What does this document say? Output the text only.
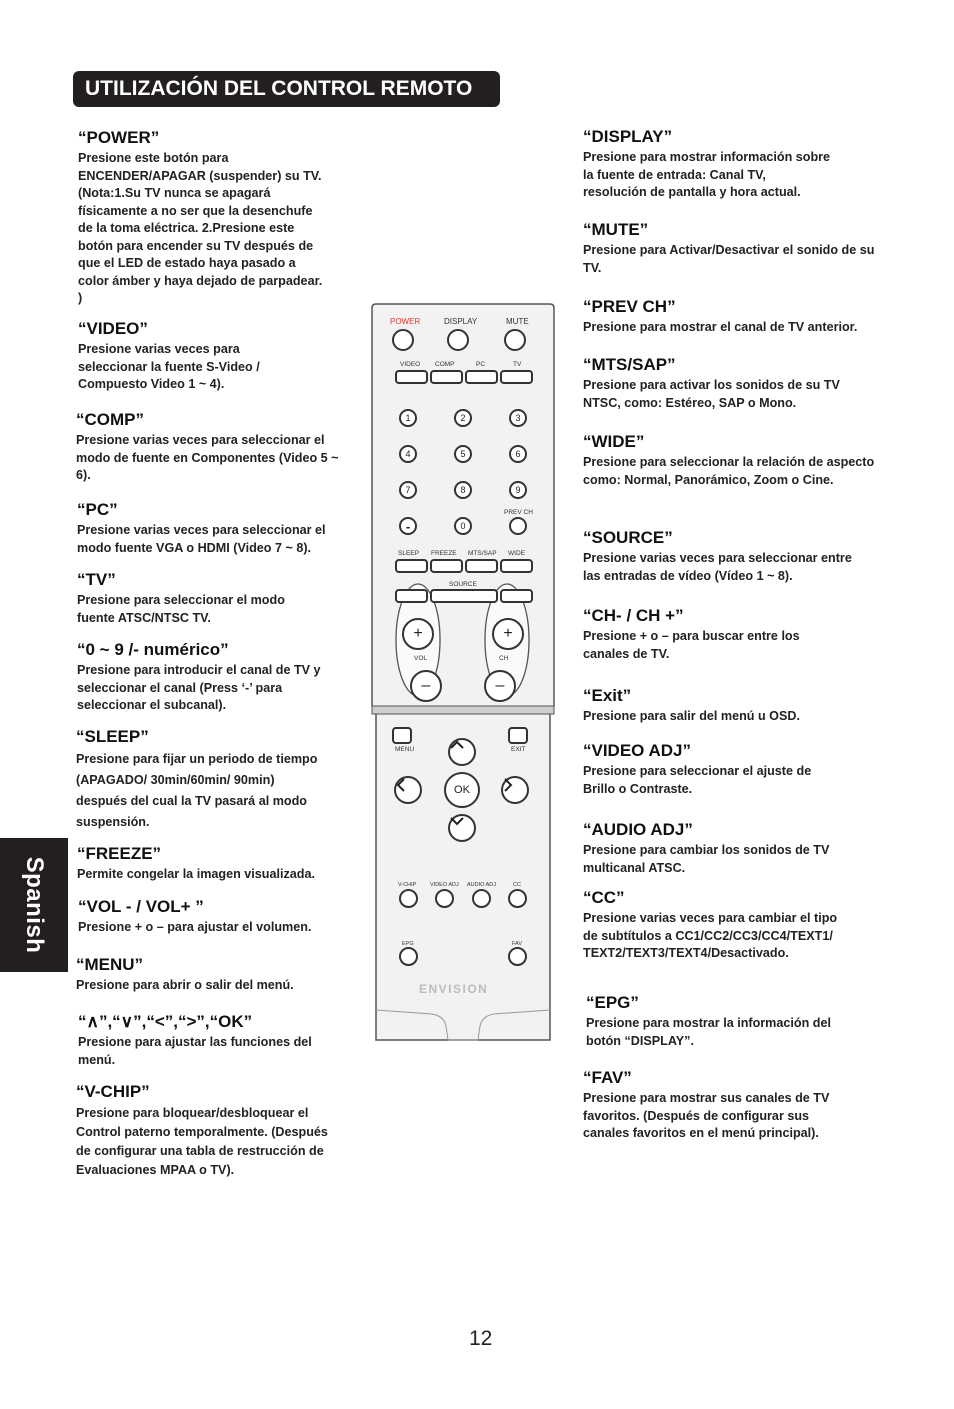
UTILIZACIÓN DEL CONTROL REMOTO
Spanish
“POWER”

Presione este botón para ENCENDER/APAGAR (suspender) su TV. (Nota:1.Su TV nunca se apagará físicamente a no ser que la desenchufe de la toma eléctrica. 2.Presione este botón para encender su TV después de que el LED de estado haya pasado a color ámber y haya dejado de parpadear. )

“VIDEO”

Presione varias veces para seleccionar la fuente S-Video / Compuesto Video 1 ~ 4).

“COMP”

Presione varias veces para seleccionar el modo de fuente en Componentes (Video 5 ~ 6).

“PC”

Presione varias veces para seleccionar el modo fuente VGA o HDMI (Video 7 ~ 8).

“TV”

Presione para seleccionar el modo fuente ATSC/NTSC TV.

“0 ~ 9 /- numérico”

Presione para introducir el canal de TV y seleccionar el canal (Press ‘-’ para seleccionar el subcanal).

“SLEEP”

Presione para fijar un periodo de tiempo (APAGADO/ 30min/60min/ 90min) después del cual la TV pasará al modo suspensión.

“FREEZE”

Permite congelar la imagen visualizada.

“VOL - / VOL+ ”

Presione + o – para ajustar el volumen.

“MENU”

Presione para abrir o salir del menú.

“∧”,“∨”,“<”,“>”,“OK”

Presione para ajustar las funciones del menú.

“V-CHIP”

Presione para bloquear/desbloquear el Control paterno temporalmente. (Después de configurar una tabla de restrucción de Evaluaciones MPAA o TV).

“DISPLAY”

Presione para mostrar información sobre la fuente de entrada: Canal TV, resolución de pantalla y hora actual.

“MUTE”

Presione para Activar/Desactivar el sonido de su TV.

“PREV CH”

Presione para mostrar el canal de TV anterior.

“MTS/SAP”

Presione para activar los sonidos de su TV NTSC, como: Estéreo, SAP o Mono.

“WIDE”

Presione para seleccionar la relación de aspecto como: Normal, Panorámico, Zoom o Cine.

“SOURCE”

Presione varias veces para seleccionar entre las entradas de vídeo (Vídeo 1 ~ 8).

“CH- / CH +”

Presione + o – para buscar entre los canales de TV.

“Exit”

Presione para salir del menú u OSD.

“VIDEO ADJ”

Presione para seleccionar el ajuste de Brillo o Contraste.

“AUDIO ADJ”

Presione para cambiar los sonidos de TV multicanal ATSC.

“CC”

Presione varias veces para cambiar el tipo de subtítulos a CC1/CC2/CC3/CC4/TEXT1/ TEXT2/TEXT3/TEXT4/Desactivado.

“EPG”

Presione para mostrar la información del botón “DISPLAY”.

“FAV”

Presione para mostrar sus canales de TV favoritos. (Después de configurar sus canales favoritos en el menú principal).

12
POWER	DISPLAY	MUTE
VIDEO COMP	PC	TV
1	2	3
4	5	6
7	8	9
-	0
PREV CH
SLEEP FREEZE MTS/SAP WIDE
SOURCE
+
VOL
–
+
CH
–
MENU	EXIT
OK
V-CHIP VIDEO ADJ AUDIO ADJ	CC
EPG	FAV
ENVISION
